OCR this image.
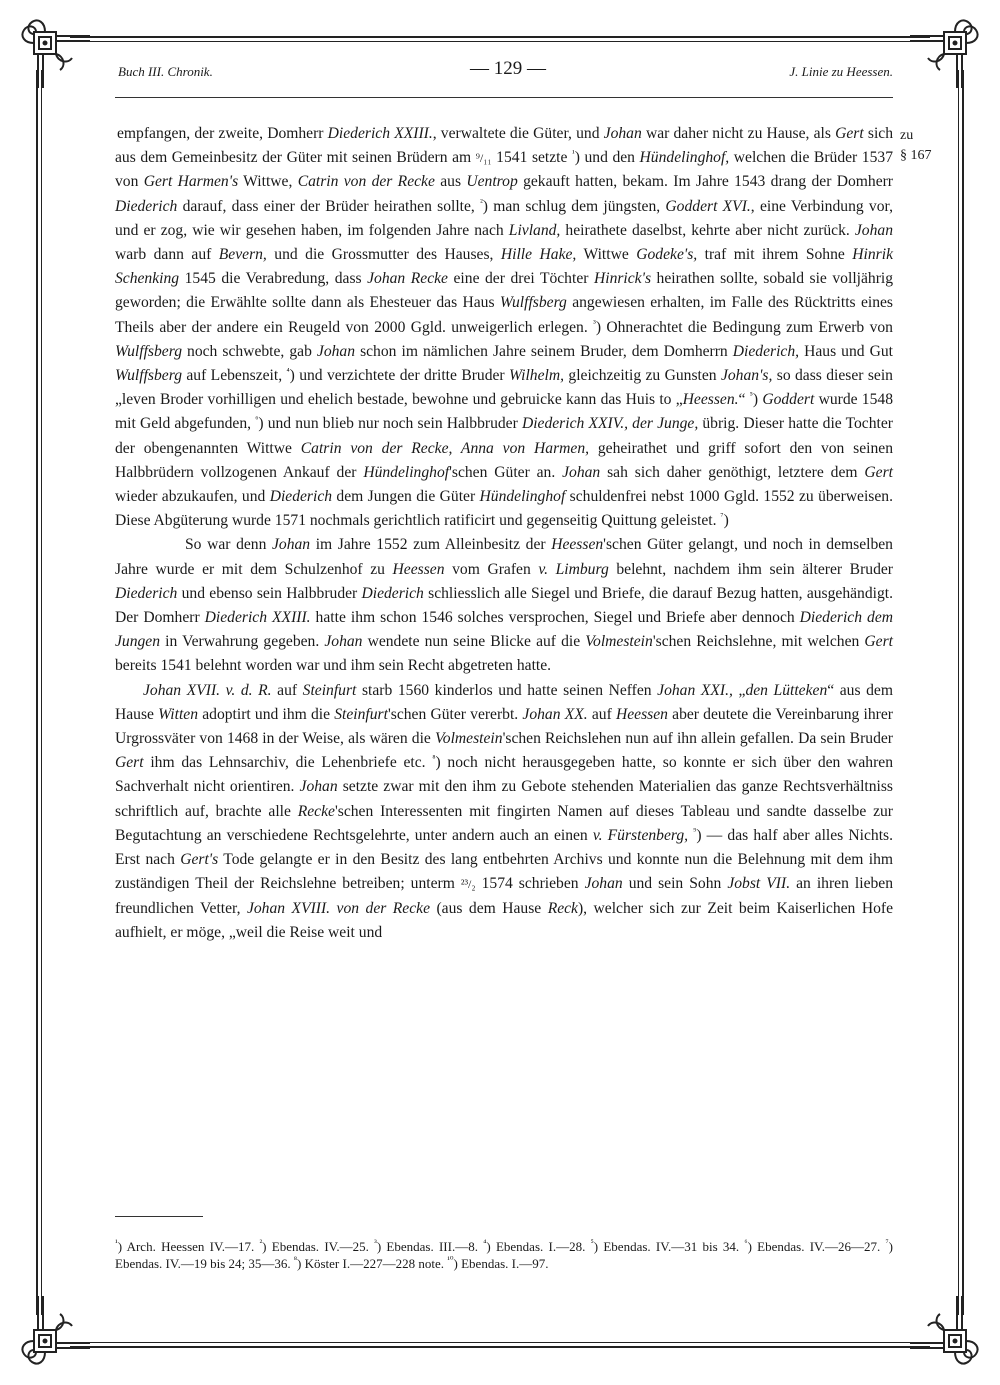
Buch III. Chronik.	— 129 —	J. Linie zu Heessen.
zu
§ 167

empfangen, der zweite, Domherr Diederich XXIII., verwaltete die Güter, und Johan war daher nicht zu Hause, als Gert sich aus dem Gemeinbesitz der Güter mit seinen Brüdern am ⁹/₁₁ 1541 setzte $^{^1}$) und den Hündelinghof, welchen die Brüder 1537 von Gert Harmen's Wittwe, Catrin von der Recke aus Uentrop gekauft hatten, bekam. Im Jahre 1543 drang der Domherr Diederich darauf, dass einer der Brüder heirathen sollte, $^{^2}$) man schlug dem jüngsten, Goddert XVI., eine Verbindung vor, und er zog, wie wir gesehen haben, im folgenden Jahre nach Livland, heirathete daselbst, kehrte aber nicht zurück. Johan warb dann auf Bevern, und die Grossmutter des Hauses, Hille Hake, Wittwe Godeke's, traf mit ihrem Sohne Hinrik Schenking 1545 die Verabredung, dass Johan Recke eine der drei Töchter Hinrick's heirathen sollte, sobald sie volljährig geworden; die Erwählte sollte dann als Ehesteuer das Haus Wulffsberg angewiesen erhalten, im Falle des Rücktritts eines Theils aber der andere ein Reugeld von 2000 Ggld. unweigerlich erlegen. $^{^3}$) Ohnerachtet die Bedingung zum Erwerb von Wulffsberg noch schwebte, gab Johan schon im nämlichen Jahre seinem Bruder, dem Domherrn Diederich, Haus und Gut Wulffsberg auf Lebenszeit, $^{^4}$) und verzichtete der dritte Bruder Wilhelm, gleichzeitig zu Gunsten Johan's, so dass dieser sein „leven Broder vorhilligen und ehelich bestade, bewohne und gebruicke kann das Huis to „Heessen.“ $^{^5}$) Goddert wurde 1548 mit Geld abgefunden, $^{^6}$) und nun blieb nur noch sein Halbbruder Diederich XXIV., der Junge, übrig. Dieser hatte die Tochter der obengenannten Wittwe Catrin von der Recke, Anna von Harmen, geheirathet und griff sofort den von seinen Halbbrüdern vollzogenen Ankauf der Hündelinghof'schen Güter an. Johan sah sich daher genöthigt, letztere dem Gert wieder abzukaufen, und Diederich dem Jungen die Güter Hündelinghof schuldenfrei nebst 1000 Ggld. 1552 zu überweisen. Diese Abgüterung wurde 1571 nochmals gerichtlich ratificirt und gegenseitig Quittung geleistet. $^{^7}$)

So war denn Johan im Jahre 1552 zum Alleinbesitz der Heessen'schen Güter gelangt, und noch in demselben Jahre wurde er mit dem Schulzenhof zu Heessen vom Grafen v. Limburg belehnt, nachdem ihm sein älterer Bruder Diederich und ebenso sein Halbbruder Diederich schliesslich alle Siegel und Briefe, die darauf Bezug hatten, ausgehändigt. Der Domherr Diederich XXIII. hatte ihm schon 1546 solches versprochen, Siegel und Briefe aber dennoch Diederich dem Jungen in Verwahrung gegeben. Johan wendete nun seine Blicke auf die Volmestein'schen Reichslehne, mit welchen Gert bereits 1541 belehnt worden war und ihm sein Recht abgetreten hatte.

Johan XVII. v. d. R. auf Steinfurt starb 1560 kinderlos und hatte seinen Neffen Johan XXI., „den Lütteken“ aus dem Hause Witten adoptirt und ihm die Steinfurt'schen Güter vererbt. Johan XX. auf Heessen aber deutete die Vereinbarung ihrer Urgrossväter von 1468 in der Weise, als wären die Volmestein'schen Reichslehen nun auf ihn allein gefallen. Da sein Bruder Gert ihm das Lehnsarchiv, die Lehenbriefe etc. $^{^8}$) noch nicht herausgegeben hatte, so konnte er sich über den wahren Sachverhalt nicht orientiren. Johan setzte zwar mit den ihm zu Gebote stehenden Materialien das ganze Rechtsverhältniss schriftlich auf, brachte alle Recke'schen Interessenten mit fingirten Namen auf dieses Tableau und sandte dasselbe zur Begutachtung an verschiedene Rechtsgelehrte, unter andern auch an einen v. Fürstenberg, $^{^9}$) — das half aber alles Nichts. Erst nach Gert's Tode gelangte er in den Besitz des lang entbehrten Archivs und konnte nun die Belehnung mit dem ihm zuständigen Theil der Reichslehne betreiben; unterm ²³/₂ 1574 schrieben Johan und sein Sohn Jobst VII. an ihren lieben freundlichen Vetter, Johan XVIII. von der Recke (aus dem Hause Reck), welcher sich zur Zeit beim Kaiserlichen Hofe aufhielt, er möge, „weil die Reise weit und

$^{^1}$) Arch. Heessen IV.—17. $^{^2}$) Ebendas. IV.—25. $^{^3}$) Ebendas. III.—8. $^{^4}$) Ebendas. I.—28. $^{^5}$) Ebendas. IV.—31 bis 34. $^{^6}$) Ebendas. IV.—26—27. $^{^7}$) Ebendas. IV.—19 bis 24; 35—36. $^{^8}$) Köster I.—227—228 note. $^{^{10}}$) Ebendas. I.—97.
